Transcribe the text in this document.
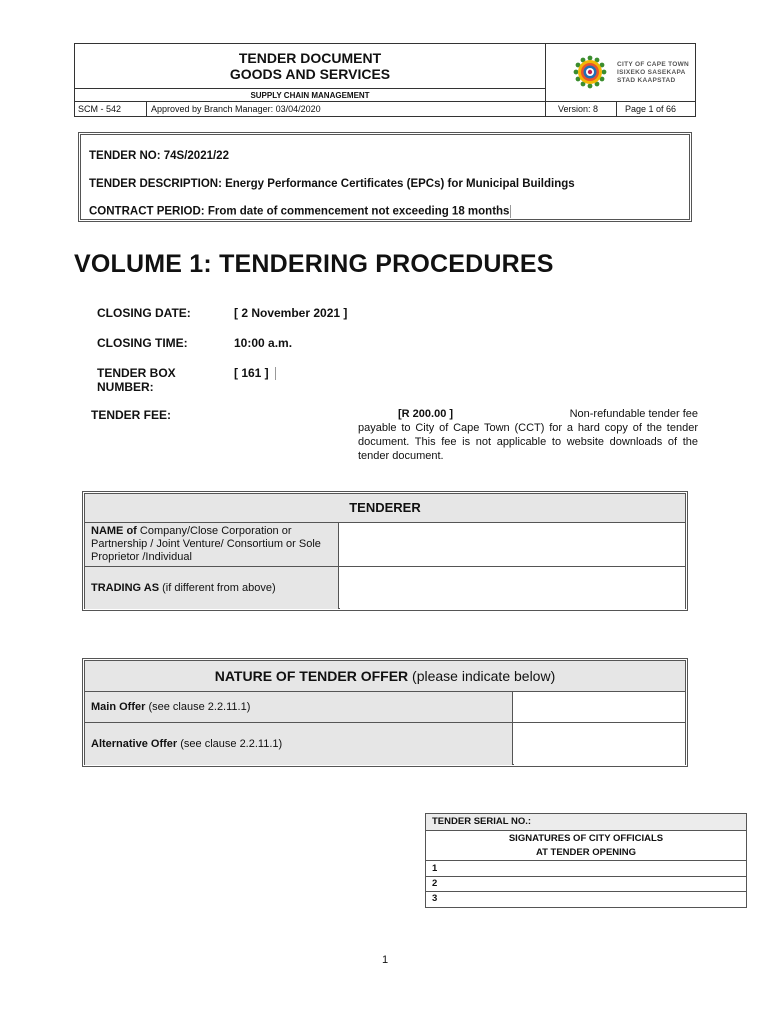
TENDER DOCUMENT
GOODS AND SERVICES
SUPPLY CHAIN MANAGEMENT
CITY OF CAPE TOWN
ISIXEKO SASEKAPA
STAD KAAPSTAD
SCM - 542	Approved by Branch Manager: 03/04/2020	Version: 8	Page 1 of 66
TENDER NO: 74S/2021/22
TENDER DESCRIPTION: Energy Performance Certificates (EPCs) for Municipal Buildings
CONTRACT PERIOD: From date of commencement not exceeding 18 months
VOLUME 1: TENDERING PROCEDURES
CLOSING DATE:	[ 2 November 2021 ]
CLOSING TIME:	10:00 a.m.
TENDER BOX
NUMBER:
[ 161 ]
TENDER FEE:	[R 200.00 ]	Non-refundable tender fee
payable to City of Cape Town (CCT) for a hard copy of the tender document. This fee is not applicable to website downloads of the tender document.
TENDERER
NAME of Company/Close Corporation or Partnership / Joint Venture/ Consortium or Sole Proprietor /Individual
TRADING AS (if different from above)
NATURE OF TENDER OFFER (please indicate below)
Main Offer (see clause 2.2.11.1)
Alternative Offer (see clause 2.2.11.1)
TENDER SERIAL NO.:
SIGNATURES OF CITY OFFICIALS
AT TENDER OPENING
1
2
3
1
